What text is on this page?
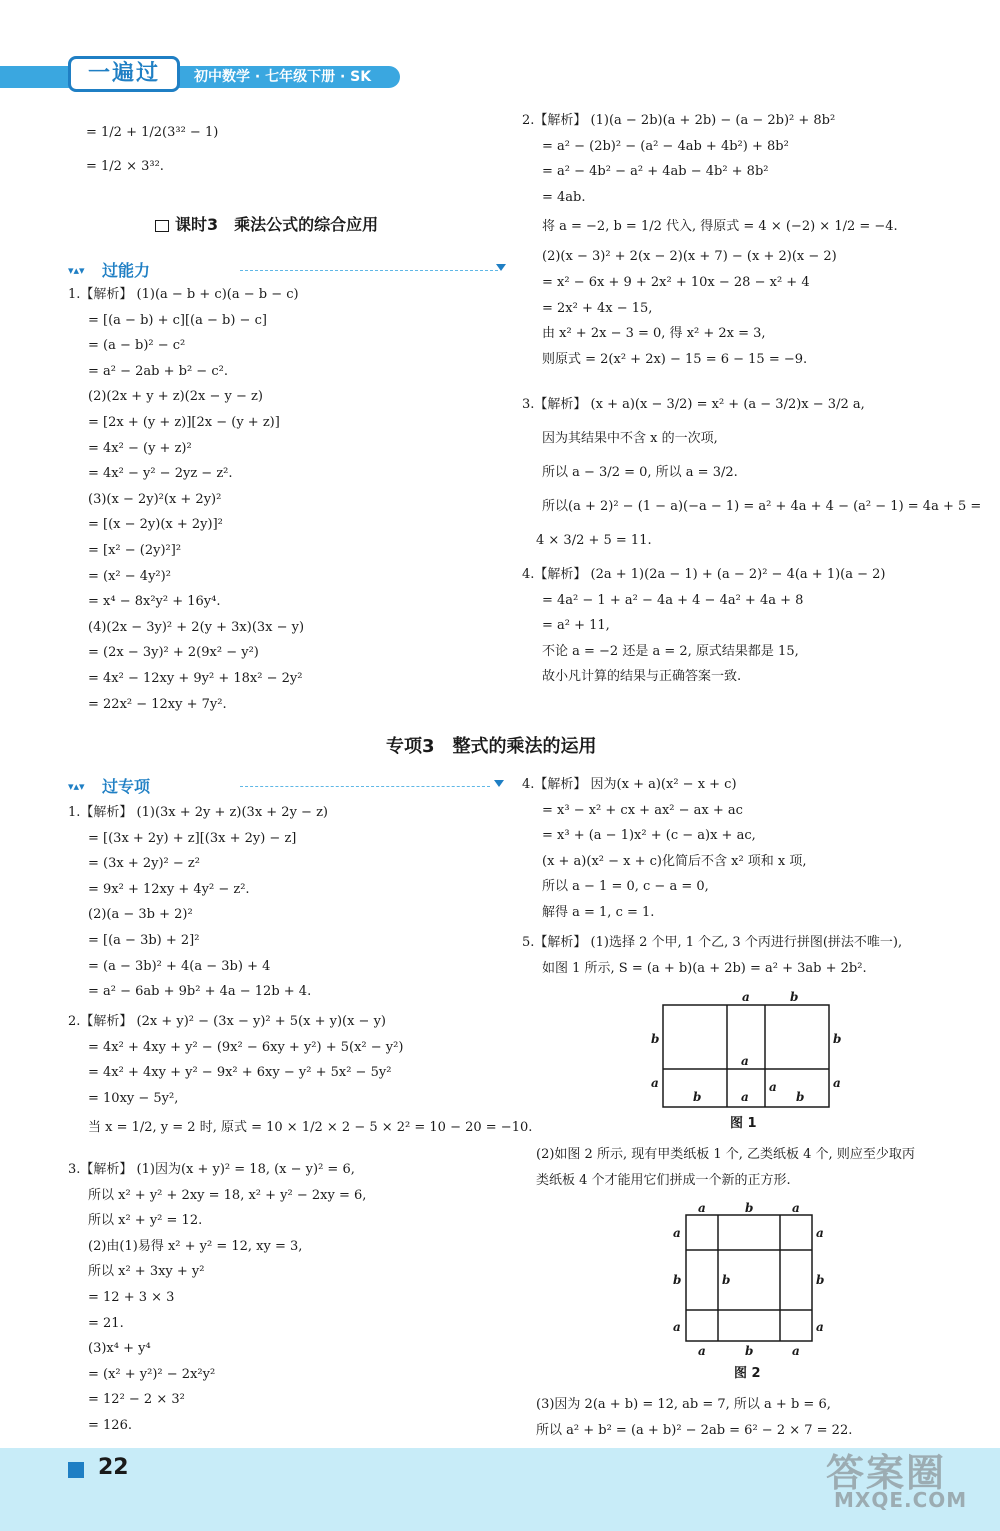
一遍过	初中数学 · 七年级下册 · SK
= 1/2 + 1/2(3³² − 1)
= 1/2 × 3³².
课时3　乘法公式的综合应用
▾▴▾ 过能力
1.【解析】 (1)(a − b + c)(a − b − c)
= [(a − b) + c][(a − b) − c]
= (a − b)² − c²
= a² − 2ab + b² − c².
(2)(2x + y + z)(2x − y − z)
= [2x + (y + z)][2x − (y + z)]
= 4x² − (y + z)²
= 4x² − y² − 2yz − z².
(3)(x − 2y)²(x + 2y)²
= [(x − 2y)(x + 2y)]²
= [x² − (2y)²]²
= (x² − 4y²)²
= x⁴ − 8x²y² + 16y⁴.
(4)(2x − 3y)² + 2(y + 3x)(3x − y)
= (2x − 3y)² + 2(9x² − y²)
= 4x² − 12xy + 9y² + 18x² − 2y²
= 22x² − 12xy + 7y².
专项3　整式的乘法的运用
▾▴▾ 过专项
1.【解析】 (1)(3x + 2y + z)(3x + 2y − z)
= [(3x + 2y) + z][(3x + 2y) − z]
= (3x + 2y)² − z²
= 9x² + 12xy + 4y² − z².
(2)(a − 3b + 2)²
= [(a − 3b) + 2]²
= (a − 3b)² + 4(a − 3b) + 4
= a² − 6ab + 9b² + 4a − 12b + 4.
2.【解析】 (2x + y)² − (3x − y)² + 5(x + y)(x − y)
= 4x² + 4xy + y² − (9x² − 6xy + y²) + 5(x² − y²)
= 4x² + 4xy + y² − 9x² + 6xy − y² + 5x² − 5y²
= 10xy − 5y²,
当 x = 1/2, y = 2 时, 原式 = 10 × 1/2 × 2 − 5 × 2² = 10 − 20 = −10.
3.【解析】 (1)因为(x + y)² = 18, (x − y)² = 6,
所以 x² + y² + 2xy = 18, x² + y² − 2xy = 6,
所以 x² + y² = 12.
(2)由(1)易得 x² + y² = 12, xy = 3,
所以 x² + 3xy + y²
= 12 + 3 × 3
= 21.
(3)x⁴ + y⁴
= (x² + y²)² − 2x²y²
= 12² − 2 × 3²
= 126.
2.【解析】 (1)(a − 2b)(a + 2b) − (a − 2b)² + 8b²
= a² − (2b)² − (a² − 4ab + 4b²) + 8b²
= a² − 4b² − a² + 4ab − 4b² + 8b²
= 4ab.
将 a = −2, b = 1/2 代入, 得原式 = 4 × (−2) × 1/2 = −4.
(2)(x − 3)² + 2(x − 2)(x + 7) − (x + 2)(x − 2)
= x² − 6x + 9 + 2x² + 10x − 28 − x² + 4
= 2x² + 4x − 15,
由 x² + 2x − 3 = 0, 得 x² + 2x = 3,
则原式 = 2(x² + 2x) − 15 = 6 − 15 = −9.
3.【解析】 (x + a)(x − 3/2) = x² + (a − 3/2)x − 3/2 a,
因为其结果中不含 x 的一次项,
所以 a − 3/2 = 0, 所以 a = 3/2.
所以(a + 2)² − (1 − a)(−a − 1) = a² + 4a + 4 − (a² − 1) = 4a + 5 =
4 × 3/2 + 5 = 11.
4.【解析】 (2a + 1)(2a − 1) + (a − 2)² − 4(a + 1)(a − 2)
= 4a² − 1 + a² − 4a + 4 − 4a² + 4a + 8
= a² + 11,
不论 a = −2 还是 a = 2, 原式结果都是 15,
故小凡计算的结果与正确答案一致.
4.【解析】 因为(x + a)(x² − x + c)
= x³ − x² + cx + ax² − ax + ac
= x³ + (a − 1)x² + (c − a)x + ac,
(x + a)(x² − x + c)化简后不含 x² 项和 x 项,
所以 a − 1 = 0, c − a = 0,
解得 a = 1, c = 1.
5.【解析】 (1)选择 2 个甲, 1 个乙, 3 个丙进行拼图(拼法不唯一),
如图 1 所示, S = (a + b)(a + 2b) = a² + 3ab + 2b².
a	b
b	b
a
a	a
b
a
b
a
图 1
(2)如图 2 所示, 现有甲类纸板 1 个, 乙类纸板 4 个, 则应至少取丙
类纸板 4 个才能用它们拼成一个新的正方形.
a	b	a
a	a
b	b	b
a	a
a	b	a
图 2
(3)因为 2(a + b) = 12, ab = 7, 所以 a + b = 6,
所以 a² + b² = (a + b)² − 2ab = 6² − 2 × 7 = 22.
22	答案圈
MXQE.COM
